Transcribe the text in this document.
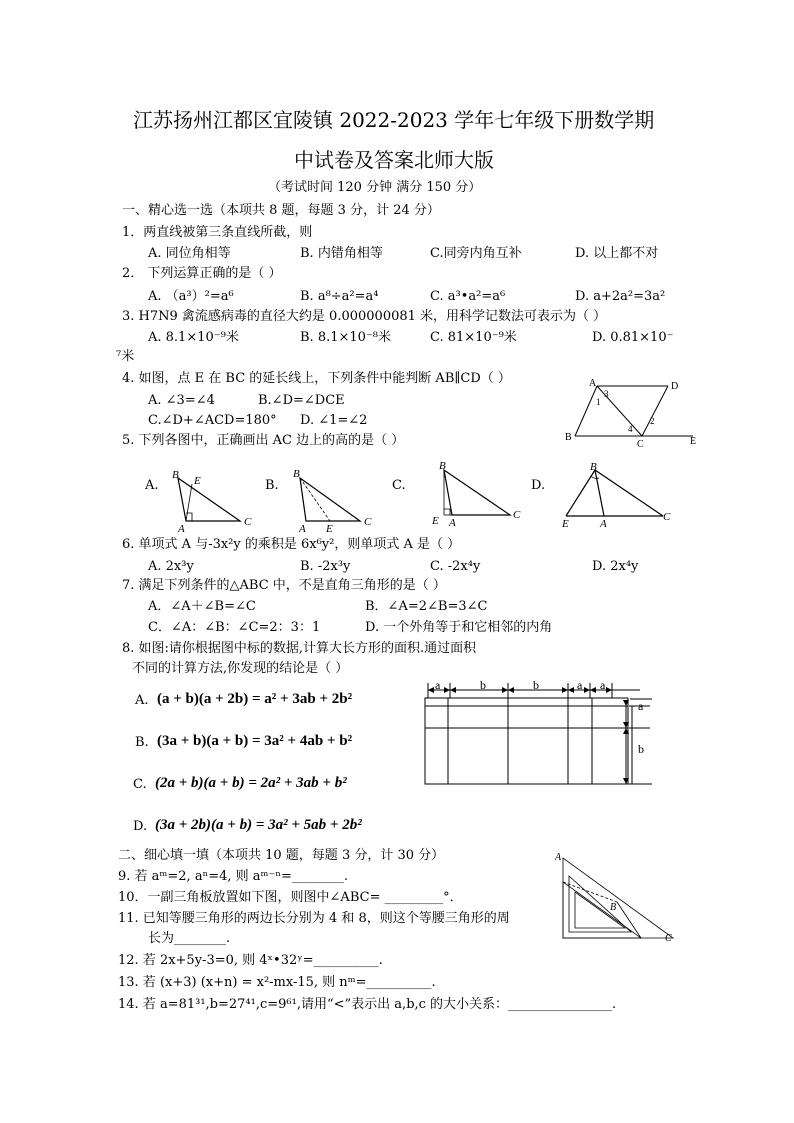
江苏扬州江都区宜陵镇 2022-2023 学年七年级下册数学期
中试卷及答案北师大版
（考试时间 120 分钟 满分 150 分）
一、精心选一选（本项共 8 题，每题 3 分，计 24 分）
1．两直线被第三条直线所截，则
A. 同位角相等	B. 内错角相等	C.同旁内角互补	D. 以上都不对
2． 下列运算正确的是（ ）
A. （a³）²=a⁶	B. a⁸÷a²=a⁴	C. a³•a²=a⁶	D. a+2a²=3a²
3. H7N9 禽流感病毒的直径大约是 0.000000081 米，用科学记数法可表示为（ ）
A. 8.1×10⁻⁹米	B. 8.1×10⁻⁸米	C. 81×10⁻⁹米	D. 0.81×10⁻
⁷米
4. 如图，点 E 在 BC 的延长线上，下列条件中能判断 AB∥CD（ ）
A. ∠3=∠4	B.∠D=∠DCE
C.∠D+∠ACD=180° D. ∠1=∠2
A	D
B
C	E
1
3
2
4
5. 下列各图中，正确画出 AC 边上的高的是（ ）
A.	B.	C.	D.
B E
A
C
B
A E
C
B
E A
C
B
E	A
C
6. 单项式 A 与-3x²y 的乘积是 6x⁶y²，则单项式 A 是（ ）
A. 2x³y	B. -2x³y	C. -2x⁴y	D. 2x⁴y
7. 满足下列条件的△ABC 中，不是直角三角形的是（ ）
A．∠A＋∠B=∠C	B．∠A=2∠B=3∠C
C．∠A：∠B：∠C=2：3：1	D. 一个外角等于和它相邻的内角
8. 如图:请你根据图中标的数据,计算大长方形的面积.通过面积
不同的计算方法,你发现的结论是（ ）
A. (a + b)(a + 2b) = a² + 3ab + 2b²
B. (3a + b)(a + b) = 3a² + 4ab + b²
C. (2a + b)(a + b) = 2a² + 3ab + b²
D. (3a + 2b)(a + b) = 3a² + 5ab + 2b²
a	b	b	a a
a
b
二、细心填一填（本项共 10 题，每题 3 分，计 30 分）
9. 若 aᵐ=2, aⁿ=4, 则 aᵐ⁻ⁿ=________.
10．一副三角板放置如下图，则图中∠ABC= _________°．
11. 已知等腰三角形的两边长分别为 4 和 8，则这个等腰三角形的周
长为________.
12. 若 2x+5y-3=0, 则 4ˣ•32ʸ=__________.
13. 若 (x+3) (x+n) = x²-mx-15, 则 nᵐ=__________.
14. 若 a=81³¹,b=27⁴¹,c=9⁶¹,请用“<”表示出 a,b,c 的大小关系：________________.
A
B
C
